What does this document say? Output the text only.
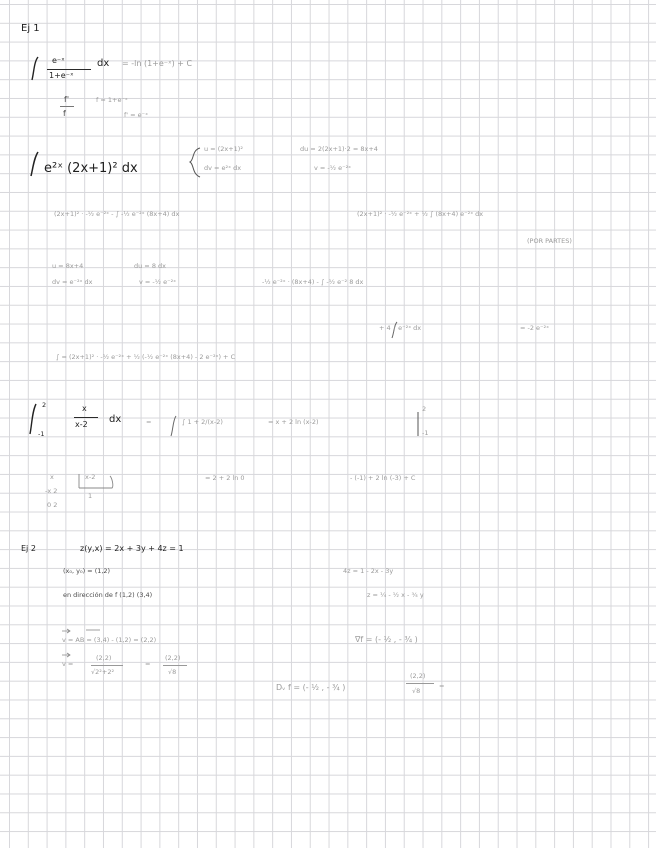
Ej 1
e⁻ˣ
1+e⁻ˣ
dx = -ln (1+e⁻ˣ) + C
f'
f
f = 1+e⁻ˣ
f' = e⁻ˣ
e²ˣ (2x+1)² dx
u = (2x+1)²	du = 2(2x+1)·2 = 8x+4
dv = e²ˣ dx	v = -½ e⁻²ˣ
(2x+1)² · -½ e⁻²ˣ - ∫ -½ e⁻²ˣ (8x+4) dx	(2x+1)² · -½ e⁻²ˣ + ½ ∫ (8x+4) e⁻²ˣ dx
(POR PARTES)
u = 8x+4	du = 8 dx
dv = e⁻²ˣ dx	v = -½ e⁻²ˣ	-½ e⁻²ˣ · (8x+4) - ∫ -½ e⁻² 8 dx
+ 4 ∫ e⁻²ˣ dx	= -2 e⁻²ˣ
∫ = (2x+1)² · -½ e⁻²ˣ + ½ (-½ e⁻²ˣ (8x+4) - 2 e⁻²ˣ) + C
2
-1
x
x-2 dx	=	∫ 1 + 2/(x-2)	= x + 2 ln (x-2)
2
-1
x	x-2
-x 2
0 2
1
= 2 + 2 ln 0	- (-1) + 2 ln (-3) + C
Ej 2	z(y,x) = 2x + 3y + 4z = 1
(x₀, y₀) = (1,2)
en dirección de f (1,2) (3,4)
4z = 1 - 2x - 3y
z = ¼ - ½ x - ¾ y
v = AB = (3,4) - (1,2) = (2,2)
v =
(2,2)
√2²+2²
=
(2,2)
√8
∇f = (- ½ , - ¾ )
Dᵥ f = (- ½ , - ¾ )
(2,2)
√8
=
